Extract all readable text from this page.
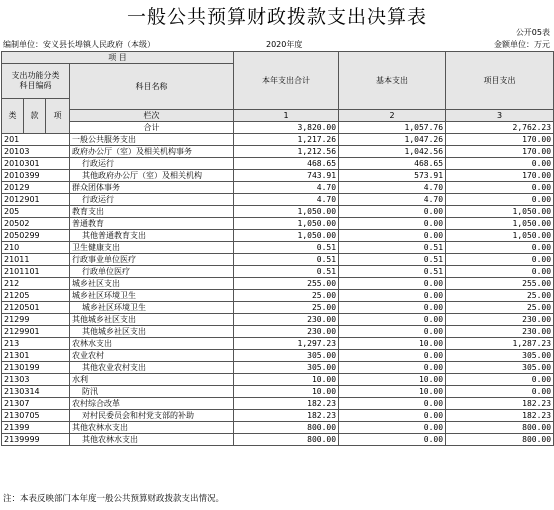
一般公共预算财政拨款支出决算表
公开05表
编制单位：安义县长埠镇人民政府（本级）	2020年度	金额单位：万元
项 目				本年支出合计	基本支出	项目支出
支出功能分类
科目编码			科目名称			

类	款	项				
			栏次	1	2	3
			合计	3,820.00	1,057.76	2,762.23
201			一般公共服务支出	1,217.26	1,047.26	170.00
20103			政府办公厅（室）及相关机构事务	1,212.56	1,042.56	170.00
2010301			行政运行	468.65	468.65	0.00
2010399			其他政府办公厅（室）及相关机构	743.91	573.91	170.00
20129			群众团体事务	4.70	4.70	0.00
2012901			行政运行	4.70	4.70	0.00
205			教育支出	1,050.00	0.00	1,050.00
20502			普通教育	1,050.00	0.00	1,050.00
2050299			其他普通教育支出	1,050.00	0.00	1,050.00
210			卫生健康支出	0.51	0.51	0.00
21011			行政事业单位医疗	0.51	0.51	0.00
2101101			行政单位医疗	0.51	0.51	0.00
212			城乡社区支出	255.00	0.00	255.00
21205			城乡社区环境卫生	25.00	0.00	25.00
2120501			城乡社区环境卫生	25.00	0.00	25.00
21299			其他城乡社区支出	230.00	0.00	230.00
2129901			其他城乡社区支出	230.00	0.00	230.00
213			农林水支出	1,297.23	10.00	1,287.23
21301			农业农村	305.00	0.00	305.00
2130199			其他农业农村支出	305.00	0.00	305.00
21303			水利	10.00	10.00	0.00
2130314			防汛	10.00	10.00	0.00
21307			农村综合改革	182.23	0.00	182.23
2130705			对村民委员会和村党支部的补助	182.23	0.00	182.23
21399			其他农林水支出	800.00	0.00	800.00
2139999			其他农林水支出	800.00	0.00	800.00
注：本表反映部门本年度一般公共预算财政拨款支出情况。
